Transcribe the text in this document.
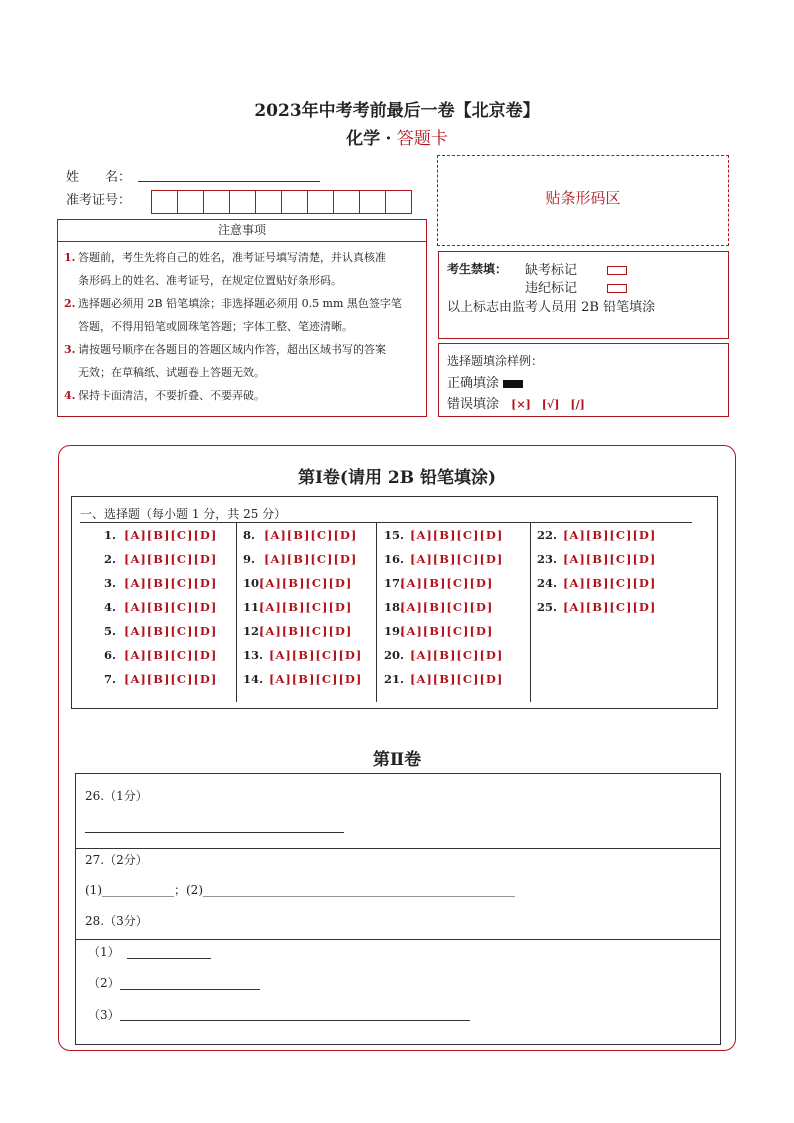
2023年中考考前最后一卷【北京卷】
化学 · 答题卡
姓　　名：
准考证号：	贴条形码区
注意事项
1. 答题前，考生先将自己的姓名，准考证号填写清楚，并认真核准
条形码上的姓名、准考证号，在规定位置贴好条形码。
2. 选择题必须用 2B 铅笔填涂；非选择题必须用 0.5 mm 黑色签字笔
答题，不得用铅笔或圆珠笔答题；字体工整、笔迹清晰。
3. 请按题号顺序在各题目的答题区域内作答，超出区域书写的答案
无效；在草稿纸、试题卷上答题无效。
4. 保持卡面清洁，不要折叠、不要弄破。
考生禁填： 缺考标记
违纪标记
以上标志由监考人员用 2B 铅笔填涂
选择题填涂样例：
正确填涂
错误填涂 [×]　[√]　[/]
第Ⅰ卷(请用 2B 铅笔填涂)
一、选择题（每小题 1 分，共 25 分）
1. [A][B][C][D]
2. [A][B][C][D]
3. [A][B][C][D]
4. [A][B][C][D]
5. [A][B][C][D]
6. [A][B][C][D]
7. [A][B][C][D]
8. [A][B][C][D]
9. [A][B][C][D]
10.
[A][B][C][D]
11.
[A][B][C][D]
12.
[A][B][C][D]
13. [A][B][C][D]
14. [A][B][C][D]
15. [A][B][C][D]
16. [A][B][C][D]
17.
[A][B][C][D]
18.
[A][B][C][D]
19.
[A][B][C][D]
20. [A][B][C][D]
21. [A][B][C][D]
22. [A][B][C][D]
23. [A][B][C][D]
24. [A][B][C][D]
25. [A][B][C][D]
第Ⅱ卷
26.（1分）
27.（2分）
(1)____________；(2)____________________________________________________
28.（3分）
（1）
（2）
（3）
